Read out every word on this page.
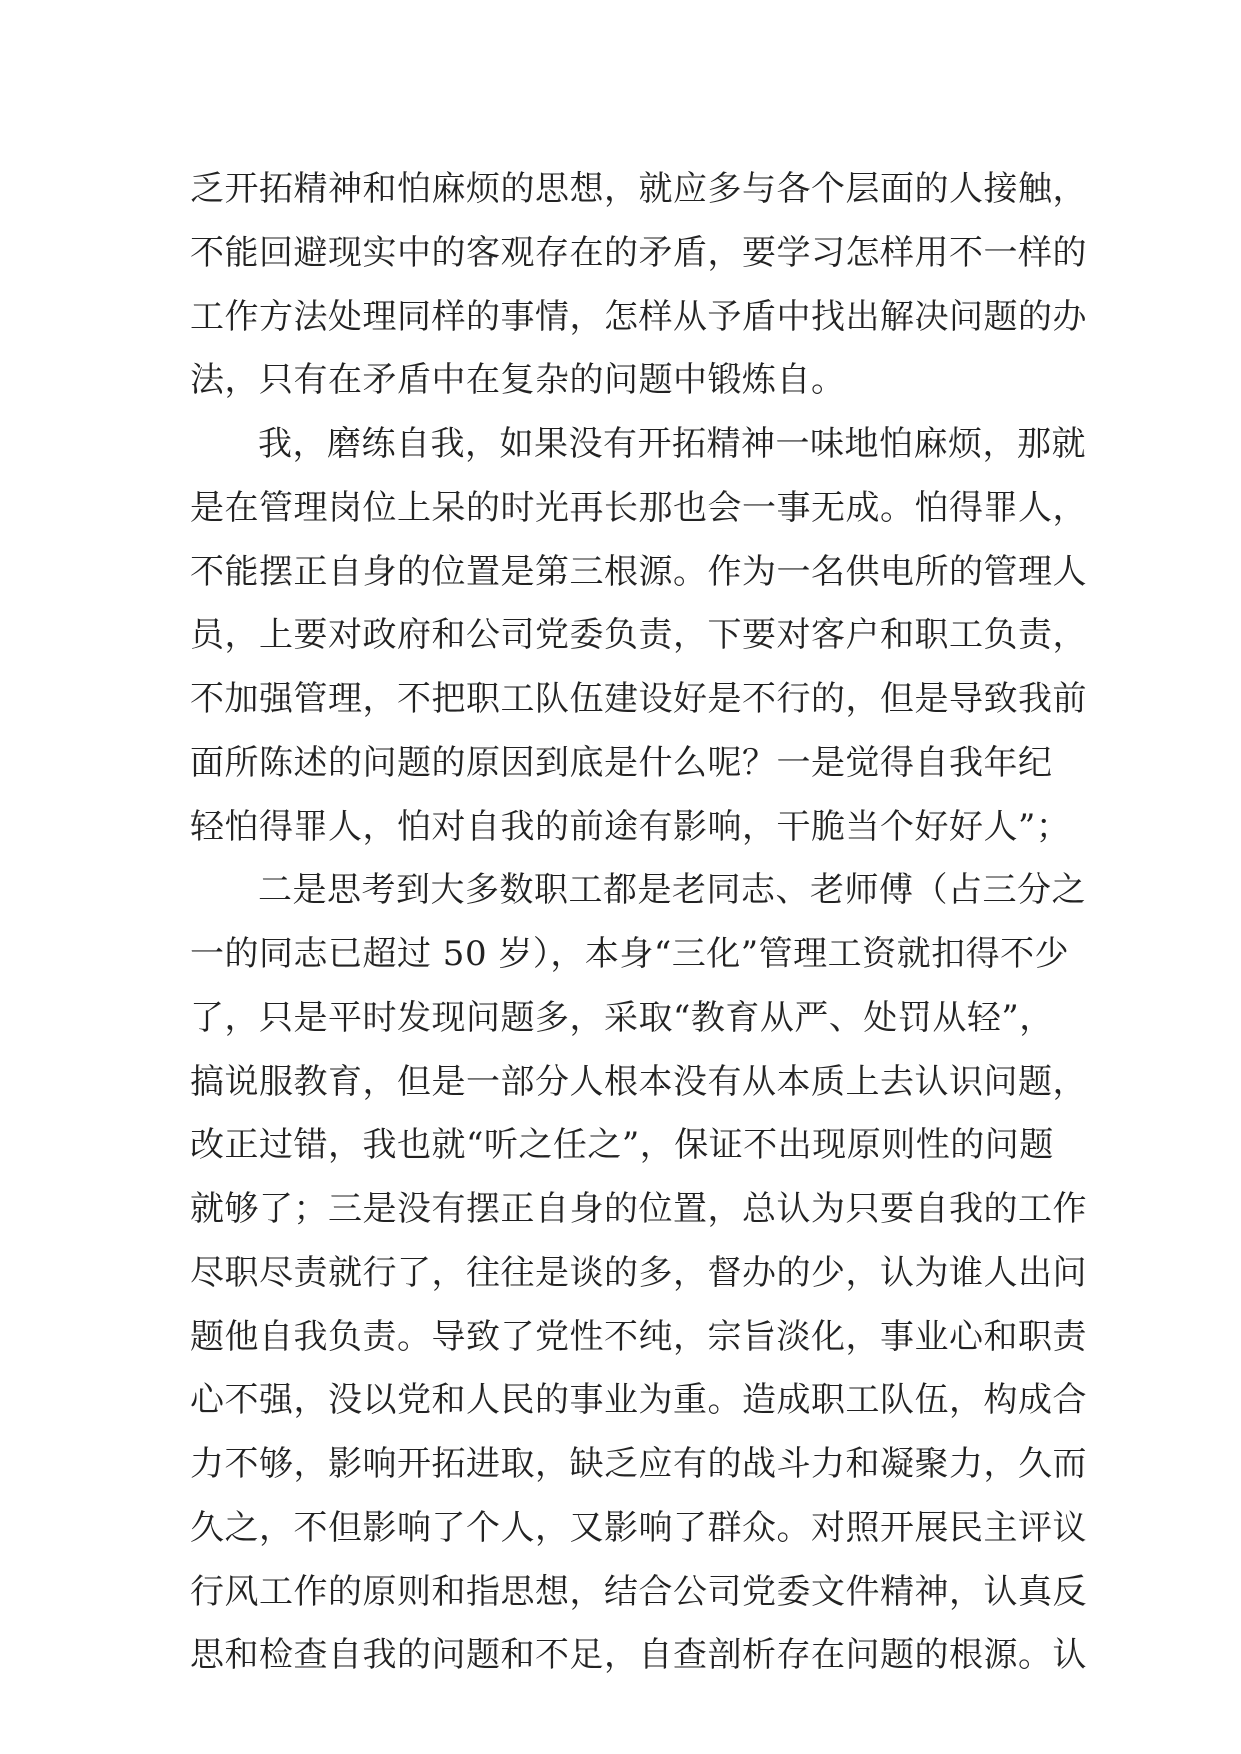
乏开拓精神和怕麻烦的思想，就应多与各个层面的人接触，
不能回避现实中的客观存在的矛盾，要学习怎样用不一样的
工作方法处理同样的事情，怎样从予盾中找出解决问题的办
法，只有在矛盾中在复杂的问题中锻炼自。
我，磨练自我，如果没有开拓精神一味地怕麻烦，那就
是在管理岗位上呆的时光再长那也会一事无成。怕得罪人，
不能摆正自身的位置是第三根源。作为一名供电所的管理人
员，上要对政府和公司党委负责，下要对客户和职工负责，
不加强管理，不把职工队伍建设好是不行的，但是导致我前
面所陈述的问题的原因到底是什么呢？一是觉得自我年纪
轻怕得罪人，怕对自我的前途有影响，干脆当个好好人”；
二是思考到大多数职工都是老同志、老师傅（占三分之
一的同志已超过 50 岁），本身“三化”管理工资就扣得不少
了，只是平时发现问题多，采取“教育从严、处罚从轻”，
搞说服教育，但是一部分人根本没有从本质上去认识问题，
改正过错，我也就“听之任之”，保证不出现原则性的问题
就够了；三是没有摆正自身的位置，总认为只要自我的工作
尽职尽责就行了，往往是谈的多，督办的少，认为谁人出问
题他自我负责。导致了党性不纯，宗旨淡化，事业心和职责
心不强，没以党和人民的事业为重。造成职工队伍，构成合
力不够，影响开拓进取，缺乏应有的战斗力和凝聚力，久而
久之，不但影响了个人，又影响了群众。对照开展民主评议
行风工作的原则和指思想，结合公司党委文件精神，认真反
思和检查自我的问题和不足，自查剖析存在问题的根源。认
